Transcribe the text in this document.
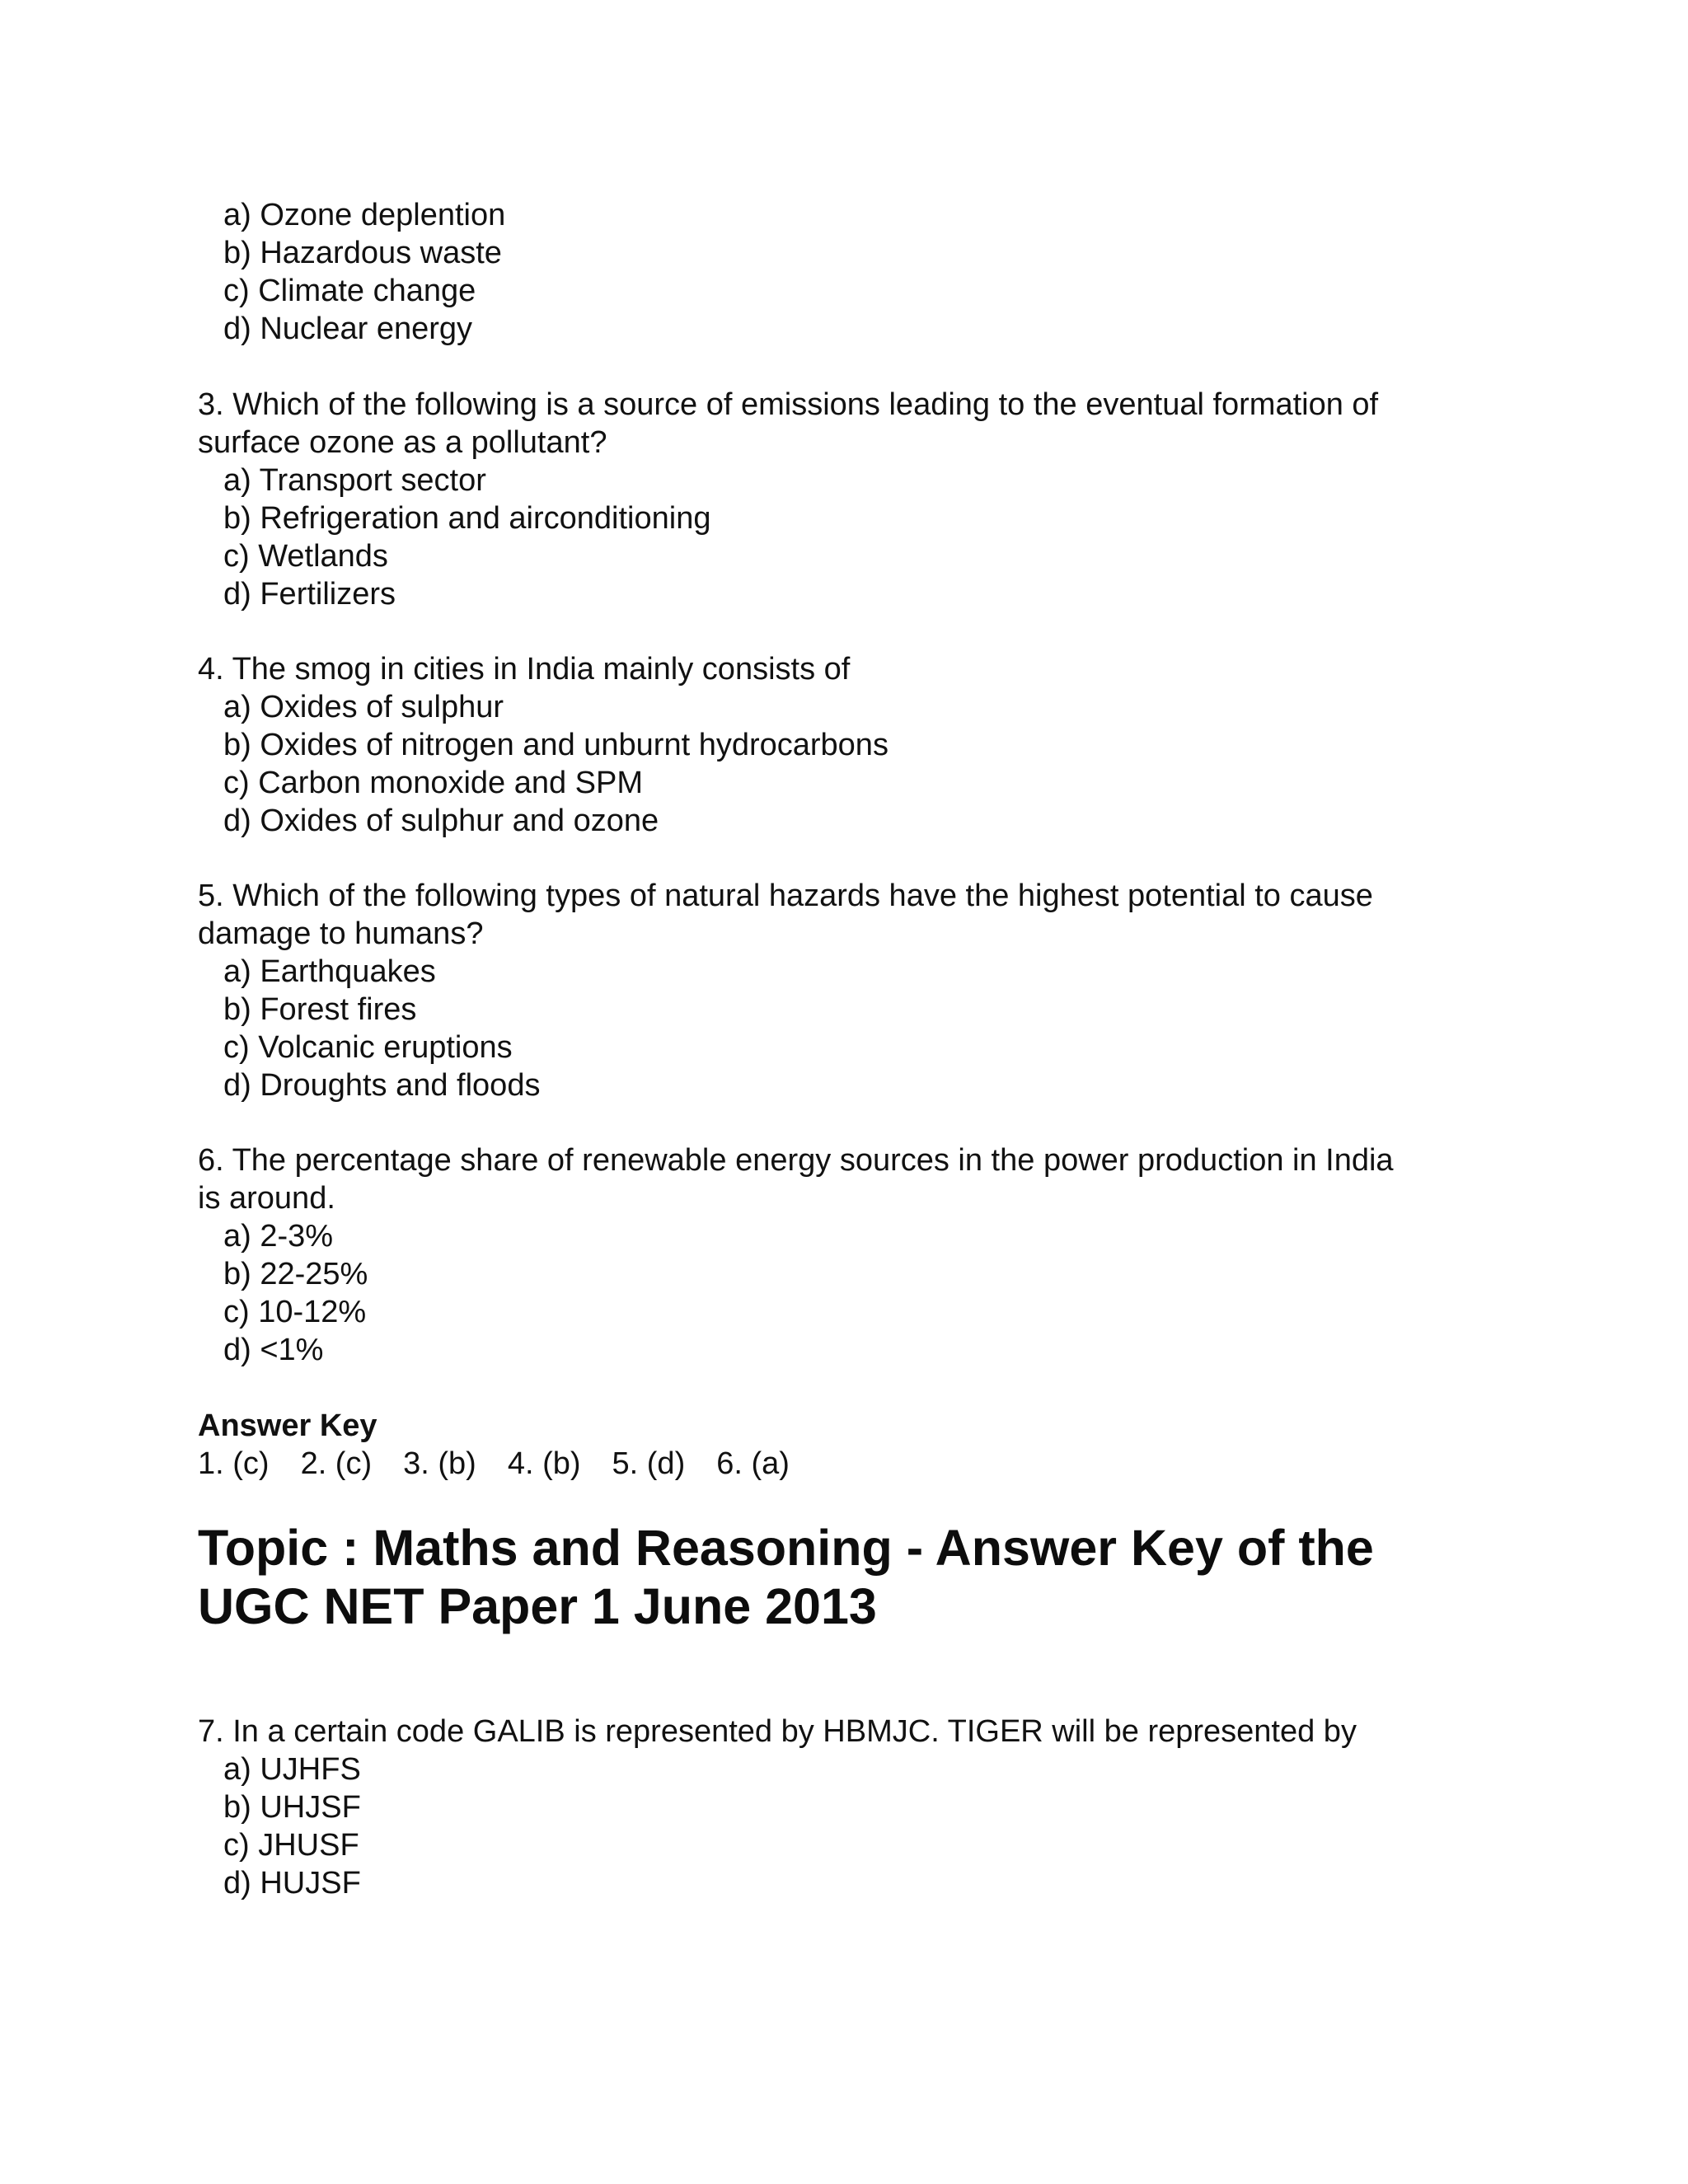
a) Ozone deplention

b) Hazardous waste

c) Climate change

d) Nuclear energy

3. Which of the following is a source of emissions leading to the eventual formation of

surface ozone as a pollutant?

a) Transport sector

b) Refrigeration and airconditioning

c) Wetlands

d) Fertilizers

4. The smog in cities in India mainly consists of

a) Oxides of sulphur

b) Oxides of nitrogen and unburnt hydrocarbons

c) Carbon monoxide and SPM

d) Oxides of sulphur and ozone

5. Which of the following types of natural hazards have the highest potential to cause

damage to humans?

a) Earthquakes

b) Forest fires

c) Volcanic eruptions

d) Droughts and floods

6. The percentage share of renewable energy sources in the power production in India

is around.

a) 2-3%

b) 22-25%

c) 10-12%

d) <1%

Answer Key

1. (c) 2. (c) 3. (b) 4. (b) 5. (d) 6. (a)

Topic : Maths and Reasoning - Answer Key of the

UGC NET Paper 1 June 2013

7. In a certain code GALIB is represented by HBMJC. TIGER will be represented by

a) UJHFS

b) UHJSF

c) JHUSF

d) HUJSF
